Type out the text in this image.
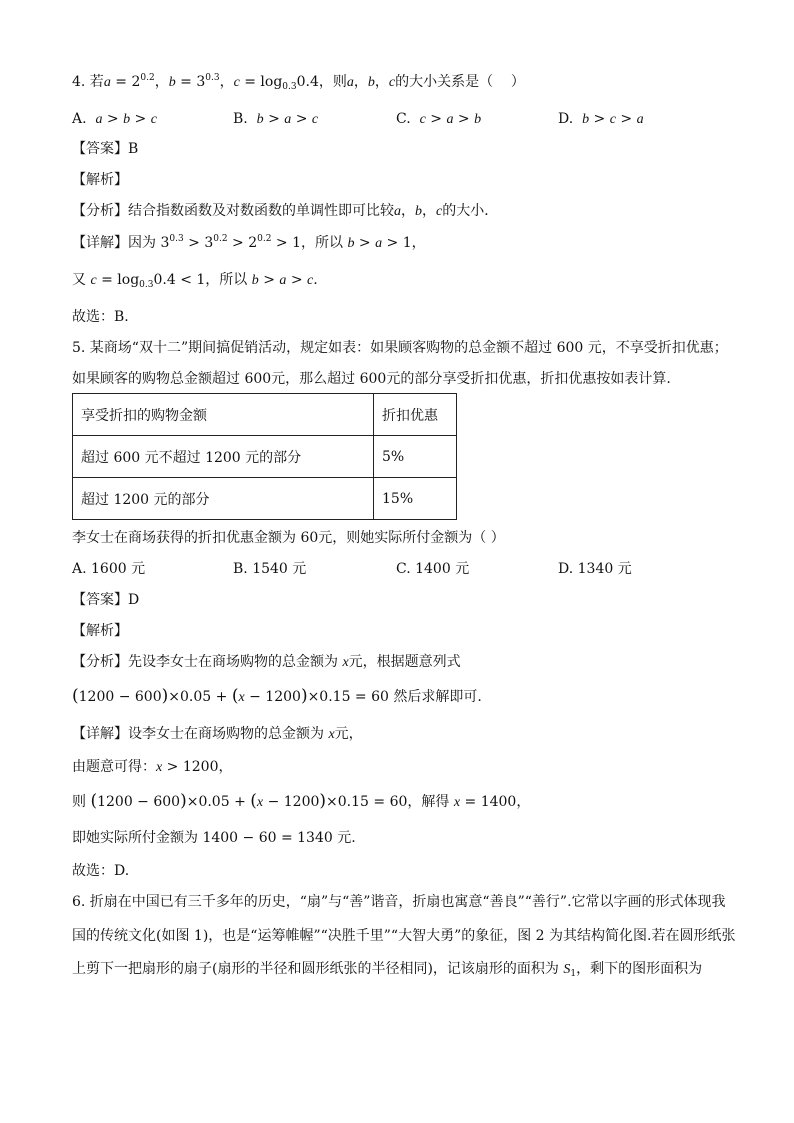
4. 若$a = 2^{0.2}$，$b = 3^{0.3}$，$c = \log_{0.3}0.4$，则a，b，c的大小关系是（    ）
A.  a > b > c	B.  b > a > c	C.  c > a > b	D.  b > c > a
【答案】B
【解析】
【分析】结合指数函数及对数函数的单调性即可比较a，b，c的大小．
【详解】因为 $3^{0.3} > 3^{0.2} > 2^{0.2} > 1$，所以 b > a > 1，
又 $c = \log_{0.3}0.4 < 1$，所以 b > a > c.
故选：B.
5. 某商场“双十二”期间搞促销活动，规定如表：如果顾客购物的总金额不超过 600 元，不享受折扣优惠；
如果顾客的购物总金额超过 600元，那么超过 600元的部分享受折扣优惠，折扣优惠按如表计算.
享受折扣的购物金额	折扣优惠
超过 600 元不超过 1200 元的部分	5%
超过 1200 元的部分	15%
李女士在商场获得的折扣优惠金额为 60元，则她实际所付金额为（ ）
A. 1600 元	B. 1540 元	C. 1400 元	D. 1340 元
【答案】D
【解析】
【分析】先设李女士在商场购物的总金额为 x元，根据题意列式
(1200 − 600)×0.05 + (x − 1200)×0.15 = 60 然后求解即可.
【详解】设李女士在商场购物的总金额为 x元，
由题意可得：x > 1200，
则 (1200 − 600)×0.05 + (x − 1200)×0.15 = 60，解得 x = 1400，
即她实际所付金额为 1400 − 60 = 1340 元.
故选：D.
6. 折扇在中国已有三千多年的历史，“扇”与“善”谐音，折扇也寓意“善良”“善行”.它常以字画的形式体现我
国的传统文化(如图 1)，也是“运筹帷幄”“决胜千里”“大智大勇”的象征，图 2 为其结构简化图.若在圆形纸张
上剪下一把扇形的扇子(扇形的半径和圆形纸张的半径相同)，记该扇形的面积为 $S_1$，剩下的图形面积为
